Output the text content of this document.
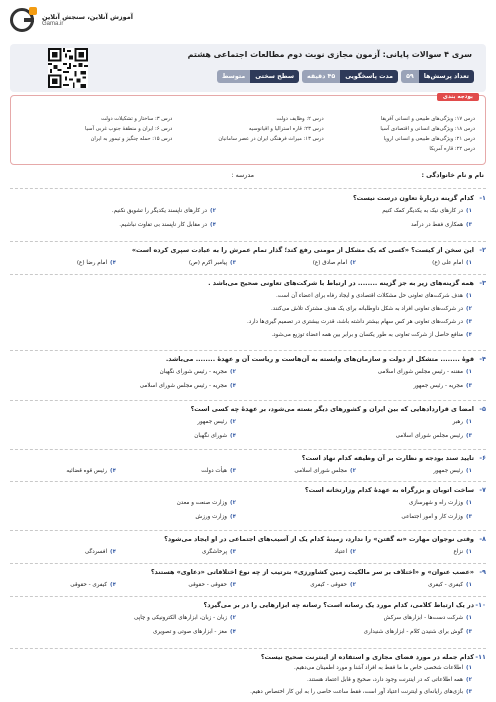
آموزش آنلاین، سنجش آنلاین
Gama.ir
سری ۴ سوالات پایانی: آزمون مجازی نوبت دوم مطالعات اجتماعی هشتم
تعداد پرسش‌ها
۵۹
مدت پاسخگویی
۴۵ دقیقه
سطح سختی
متوسط
بودجه بندی
درس ۱۷: ویژگی‌های طبیعی و انسانی آفریقا
درس ۲: وظایف دولت
درس ۳: ساختار و تشکیلات دولت
درس ۱۸: ویژگی‌های انسانی و اقتصادی آسیا
درس ۲۳: قاره استرالیا و اقیانوسیه
درس ۶: ایران و منطقهٔ جنوب غربی آسیا
درس ۲۱: ویژگی‌های طبیعی و انسانی اروپا
درس ۱۳: میراث فرهنگی ایران در عصر سامانیان
درس ۱۵: حمله چنگیز و تیمور به ایران
درس ۲۲: قاره آمریکا
نام و نام خانوادگی :
مدرسه :
۱-
کدام گزینه دربارهٔ تعاون درست نیست؟
۱)
در کارهای نیک به یکدیگر کمک کنیم
۲)
در کارهای ناپسند یکدیگر را تشویق نکنیم.
۳)
همکاری فقط در درآمد
۴)
در مقابل کار ناپسند بی تفاوت نباشیم.
۲-
این سخن از کیست؟ «کسی که یک مشکل از مومنی رفع کند؛ گذار تمام عمرش را به عبادت سپری کرده است»
۱)
امام علی (ع)
۲)
امام صادق (ع)
۳)
پیامبر اکرم (ص)
۴)
امام رضا (ع)
۳-
همه گزینه‌های زیر به جز گزینه ........ در ارتباط با شرکت‌های تعاونی صحیح می‌باشد .
۱)
هدف شرکت‌های تعاونی حل مشکلات اقتصادی و ایجاد رفاه برای اعضاء آن است.
۲)
در شرکت‌های تعاونی افراد به شکل داوطلبانه برای یک هدف مشترک تلاش می‌کنند.
۳)
در شرکت‌های تعاونی هر کس سهام بیشتر داشته باشد، قدرت بیشتری در تصمیم گیری‌ها دارد.
۴)
منافع حاصل از شرکت تعاونی به طور یکسان و برابر بین همه اعضاء توزیع می‌شود.
۴-
قوهٔ ........ متشکل از دولت و سازمان‌های وابسته به آن‌هاست و ریاست آن و عهدهٔ ........ می‌باشد.
۱)
مقننه - رئیس مجلس شورای اسلامی
۲)
مجریه - رئیس شورای نگهبان
۳)
مجریه - رئیس جمهور
۴)
مجریه - رئیس مجلس شورای اسلامی
۵-
امضا ی قرارداد‌هایی که بین ایران و کشورهای دیگر بسته می‌شود، بر عهدهٔ چه کسی است؟
۱)
رهبر
۲)
رئیس جمهور
۳)
رئیس مجلس شورای اسلامی
۴)
شورای نگهبان
۶-
تایید سند بودجه و نظارت بر آن وظیفه کدام نهاد است؟
۱)
رئیس جمهور
۲)
مجلس شورای اسلامی
۳)
هیأت دولت
۴)
رئیس قوه قضائیه
۷-
ساخت اتوبان و بزرگراه به عهدهٔ کدام وزارتخانه است؟
۱)
وزارت راه و شهرسازی
۲)
وزارت صنعت و معدن
۳)
وزارت کار و امور اجتماعی
۴)
وزارت ورزش
۸-
وقتی نوجوان مهارت «نه گفتن» را ندارد، زمینهٔ کدام یک از آسیب‌های اجتماعی در او ایجاد می‌شود؟
۱)
نزاع
۲)
اعتیاد
۳)
پرخاشگری
۴)
افسردگی
۹-
«عصب عنوان» و «اختلاف بر سر مالکیت زمین کشاورزی» بترتیب از چه نوع اختلافاتی «دعاوی» هستند؟
۱)
کیفری - کیفری
۲)
حقوقی - کیفری
۳)
حقوقی - حقوقی
۴)
کیفری - حقوقی
۱۰-
در یک ارتباط کلامی، کدام مورد یک رسانه است؟ رسانه چه ابزارهایی را در بر می‌گیرد؟
۱)
شرکت دست‌ها - ابزارهای سرکش
۲)
زبان - زبان، ابزارهای الکترونیکی و چاپی
۳)
گوش برای شنیدن کلام - ابزارهای شنیداری
۴)
مغز - ابزارهای صوتی و تصویری
۱۱-
کدام جمله در مورد فضای مجازی و استفاده از اینترنت صحیح نیست؟
۱)
اطلاعات شخصی خاص ما ما فقط به افراد آشنا و مورد اطمینان می‌دهیم.
۲)
همه اطلاعاتی که در اینترنت وجود دارد، صحیح و قابل اعتماد هستند.
۳)
بازی‌های رایانه‌ای و اینترنت اعتیاد آور است، فقط ساعت خاصی را به این کار اختصاص دهیم.
